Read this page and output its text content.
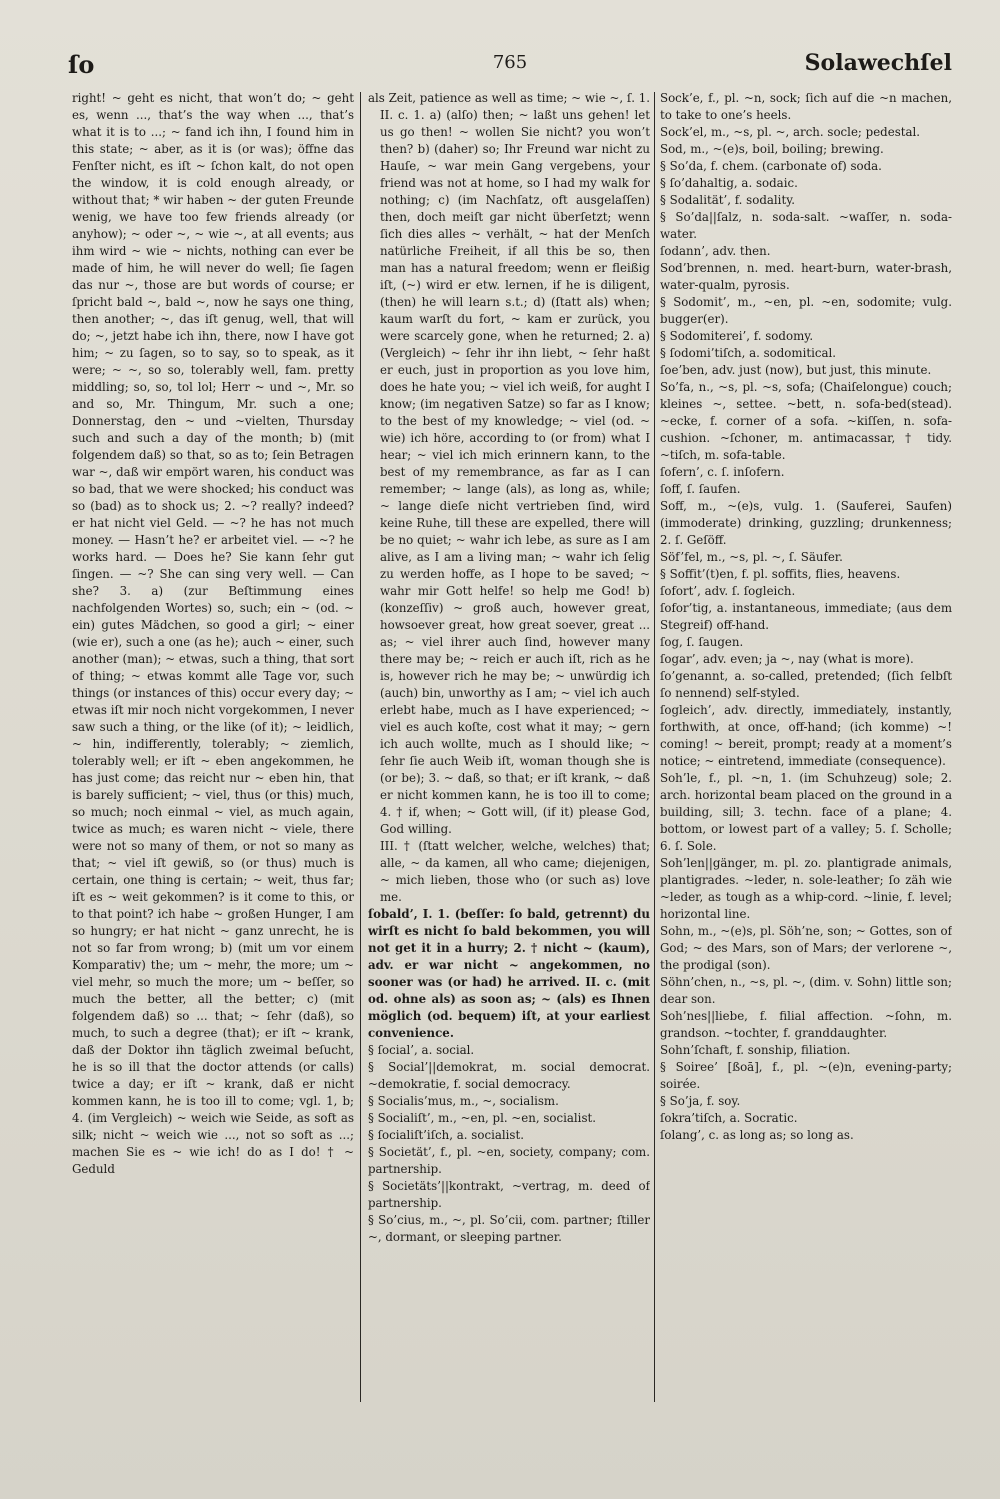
ſo	765	Solawechſel

right! ~ geht es nicht, that won’t do; ~ geht es, wenn ..., that’s the way when ..., that’s what it is to ...; ~ fand ich ihn, I found him in this state; ~ aber, as it is (or was); öffne das Fenſter nicht, es iſt ~ ſchon kalt, do not open the window, it is cold enough already, or without that; * wir haben ~ der guten Freunde wenig, we have too few friends already (or anyhow); ~ oder ~, ~ wie ~, at all events; aus ihm wird ~ wie ~ nichts, nothing can ever be made of him, he will never do well; ſie ſagen das nur ~, those are but words of course; er ſpricht bald ~, bald ~, now he says one thing, then another; ~, das iſt genug, well, that will do; ~, jetzt habe ich ihn, there, now I have got him; ~ zu ſagen, so to say, so to speak, as it were; ~ ~, so so, tolerably well, fam. pretty middling; so, so, tol lol; Herr ~ und ~, Mr. so and so, Mr. Thingum, Mr. such a one; Donnerstag, den ~ und ~vielten, Thursday such and such a day of the month; b) (mit folgendem daß) so that, so as to; ſein Betragen war ~, daß wir empört waren, his conduct was so bad, that we were shocked; his conduct was so (bad) as to shock us; 2. ~? really? indeed? er hat nicht viel Geld. — ~? he has not much money. — Hasn’t he? er arbeitet viel. — ~? he works hard. — Does he? Sie kann ſehr gut ſingen. — ~? She can sing very well. — Can she? 3. a) (zur Beſtimmung eines nachfolgenden Wortes) so, such; ein ~ (od. ~ ein) gutes Mädchen, so good a girl; ~ einer (wie er), such a one (as he); auch ~ einer, such another (man); ~ etwas, such a thing, that sort of thing; ~ etwas kommt alle Tage vor, such things (or instances of this) occur every day; ~ etwas iſt mir noch nicht vorgekommen, I never saw such a thing, or the like (of it); ~ leidlich, ~ hin, indifferently, tolerably; ~ ziemlich, tolerably well; er iſt ~ eben angekommen, he has just come; das reicht nur ~ eben hin, that is barely sufficient; ~ viel, thus (or this) much, so much; noch einmal ~ viel, as much again, twice as much; es waren nicht ~ viele, there were not so many of them, or not so many as that; ~ viel iſt gewiß, so (or thus) much is certain, one thing is certain; ~ weit, thus far; iſt es ~ weit gekommen? is it come to this, or to that point? ich habe ~ großen Hunger, I am so hungry; er hat nicht ~ ganz unrecht, he is not so far from wrong; b) (mit um vor einem Komparativ) the; um ~ mehr, the more; um ~ viel mehr, so much the more; um ~ beſſer, so much the better, all the better; c) (mit folgendem daß) so ... that; ~ ſehr (daß), so much, to such a degree (that); er iſt ~ krank, daß der Doktor ihn täglich zweimal beſucht, he is so ill that the doctor attends (or calls) twice a day; er iſt ~ krank, daß er nicht kommen kann, he is too ill to come; vgl. 1, b; 4. (im Vergleich) ~ weich wie Seide, as soft as silk; nicht ~ weich wie ..., not so soft as ...; machen Sie es ~ wie ich! do as I do! † ~ Geduld

als Zeit, patience as well as time; ~ wie ~, ſ. 1.

II. c. 1. a) (alſo) then; ~ laßt uns gehen! let us go then! ~ wollen Sie nicht? you won’t then? b) (daher) so; Ihr Freund war nicht zu Hauſe, ~ war mein Gang vergebens, your friend was not at home, so I had my walk for nothing; c) (im Nachſatz, oft ausgelaſſen) then, doch meiſt gar nicht überſetzt; wenn ſich dies alles ~ verhält, ~ hat der Menſch natürliche Freiheit, if all this be so, then man has a natural freedom; wenn er fleißig iſt, (~) wird er etw. lernen, if he is diligent, (then) he will learn s.t.; d) (ſtatt als) when; kaum warſt du fort, ~ kam er zurück, you were scarcely gone, when he returned; 2. a) (Vergleich) ~ ſehr ihr ihn liebt, ~ ſehr haßt er euch, just in proportion as you love him, does he hate you; ~ viel ich weiß, for aught I know; (im negativen Satze) so far as I know; to the best of my knowledge; ~ viel (od. ~ wie) ich höre, according to (or from) what I hear; ~ viel ich mich erinnern kann, to the best of my remembrance, as far as I can remember; ~ lange (als), as long as, while; ~ lange dieſe nicht vertrieben ſind, wird keine Ruhe, till these are expelled, there will be no quiet; ~ wahr ich lebe, as sure as I am alive, as I am a living man; ~ wahr ich ſelig zu werden hoffe, as I hope to be saved; ~ wahr mir Gott helfe! so help me God! b) (konzeſſiv) ~ groß auch, however great, howsoever great, how great soever, great ... as; ~ viel ihrer auch ſind, however many there may be; ~ reich er auch iſt, rich as he is, however rich he may be; ~ unwürdig ich (auch) bin, unworthy as I am; ~ viel ich auch erlebt habe, much as I have experienced; ~ viel es auch koſte, cost what it may; ~ gern ich auch wollte, much as I should like; ~ ſehr ſie auch Weib iſt, woman though she is (or be); 3. ~ daß, so that; er iſt krank, ~ daß er nicht kommen kann, he is too ill to come; 4. † if, when; ~ Gott will, (if it) please God, God willing.

III. † (ſtatt welcher, welche, welches) that; alle, ~ da kamen, all who came; diejenigen, ~ mich lieben, those who (or such as) love me.

ſobald’, I. 1. (beſſer: ſo bald, getrennt) du wirſt es nicht ſo bald bekommen, you will not get it in a hurry; 2. † nicht ~ (kaum), adv. er war nicht ~ angekommen, no sooner was (or had) he arrived. II. c. (mit od. ohne als) as soon as; ~ (als) es Ihnen möglich (od. bequem) iſt, at your earliest convenience.

§ ſocial’, a. social.

§ Social’||demokrat, m. social democrat. ~demokratie, f. social democracy.

§ Socialis’mus, m., ~, socialism.

§ Socialiſt’, m., ~en, pl. ~en, socialist.

§ ſocialiſt’iſch, a. socialist.

§ Societät’, f., pl. ~en, society, company; com. partnership.

§ Societäts’||kontrakt, ~vertrag, m. deed of partnership.

§ So’cius, m., ~, pl. So’cii, com. partner; ſtiller ~, dormant, or sleeping partner.

Sock’e, f., pl. ~n, sock; ſich auf die ~n machen, to take to one’s heels.

Sock’el, m., ~s, pl. ~, arch. socle; pedestal.

Sod, m., ~(e)s, boil, boiling; brewing.

§ So’da, f. chem. (carbonate of) soda.

§ ſo’dahaltig, a. sodaic.

§ Sodalität’, f. sodality.

§ So’da||ſalz, n. soda-salt. ~waſſer, n. soda-water.

ſodann’, adv. then.

Sod’brennen, n. med. heart-burn, water-brash, water-qualm, pyrosis.

§ Sodomit’, m., ~en, pl. ~en, sodomite; vulg. bugger(er).

§ Sodomiterei’, f. sodomy.

§ ſodomi’tiſch, a. sodomitical.

ſoe’ben, adv. just (now), but just, this minute.

So’fa, n., ~s, pl. ~s, sofa; (Chaiſelongue) couch; kleines ~, settee. ~bett, n. sofa-bed(stead). ~ecke, f. corner of a sofa. ~kiſſen, n. sofa-cushion. ~ſchoner, m. antimacassar, † tidy. ~tiſch, m. sofa-table.

ſofern’, c. ſ. inſofern.

ſoff, ſ. ſaufen.

Soff, m., ~(e)s, vulg. 1. (Sauferei, Saufen) (immoderate) drinking, guzzling; drunkenness; 2. ſ. Geſöff.

Söf’fel, m., ~s, pl. ~, ſ. Säufer.

§ Soffit’(t)en, f. pl. soffits, flies, heavens.

ſofort’, adv. ſ. ſogleich.

ſofor’tig, a. instantaneous, immediate; (aus dem Stegreif) off-hand.

ſog, ſ. ſaugen.

ſogar’, adv. even; ja ~, nay (what is more).

ſo’genannt, a. so-called, pretended; (ſich ſelbſt ſo nennend) self-styled.

ſogleich’, adv. directly, immediately, instantly, forthwith, at once, off-hand; (ich komme) ~! coming! ~ bereit, prompt; ready at a moment’s notice; ~ eintretend, immediate (consequence).

Soh’le, f., pl. ~n, 1. (im Schuhzeug) sole; 2. arch. horizontal beam placed on the ground in a building, sill; 3. techn. face of a plane; 4. bottom, or lowest part of a valley; 5. ſ. Scholle; 6. ſ. Sole.

Soh’len||gänger, m. pl. zo. plantigrade animals, plantigrades. ~leder, n. sole-leather; ſo zäh wie ~leder, as tough as a whip-cord. ~linie, f. level; horizontal line.

Sohn, m., ~(e)s, pl. Söh’ne, son; ~ Gottes, son of God; ~ des Mars, son of Mars; der verlorene ~, the prodigal (son).

Söhn’chen, n., ~s, pl. ~, (dim. v. Sohn) little son; dear son.

Soh’nes||liebe, f. filial affection. ~ſohn, m. grandson. ~tochter, f. granddaughter.

Sohn’ſchaft, f. sonship, filiation.

§ Soiree’ [ßoā], f., pl. ~(e)n, evening-party; soirée.

§ So’ja, f. soy.

ſokra’tiſch, a. Socratic.

ſolang’, c. as long as; so long as.
